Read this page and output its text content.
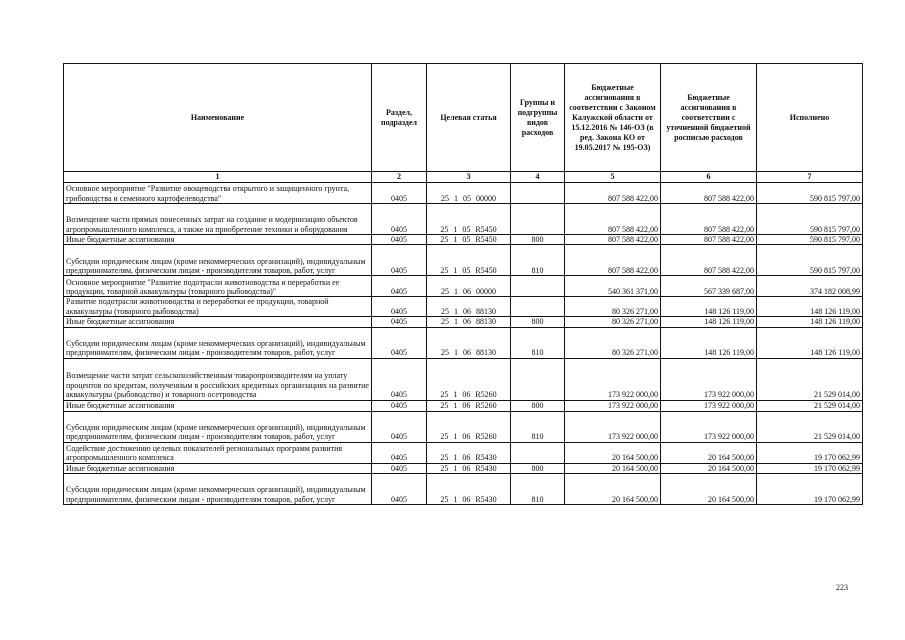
Наименование	Раздел, подраздел	Целевая статья	Группы и подгруппы видов расходов	Бюджетные ассигнования в соответствии с Законом Калужской области от 15.12.2016 № 146-ОЗ (в ред. Закона КО от 19.05.2017 № 195-ОЗ)	Бюджетные ассигнования в соответствии с уточненной бюджетной росписью расходов	Исполнено
1	2	3	4	5	6	7
Основное мероприятие "Развитие овощеводства открытого и защищенного грунта, грибоводства и семенного картофелеводства"	0405	25 1 05 00000		807 588 422,00	807 588 422,00	590 815 797,00
Возмещение части прямых понесенных затрат на создание и модернизацию объектов агропромышленного комплекса, а также на приобретение техники и оборудования	0405	25 1 05 R5450		807 588 422,00	807 588 422,00	590 815 797,00
Иные бюджетные ассигнования	0405	25 1 05 R5450	800	807 588 422,00	807 588 422,00	590 815 797,00
Субсидии юридическим лицам (кроме некоммерческих организаций), индивидуальным предпринимателям, физическим лицам - производителям товаров, работ, услуг	0405	25 1 05 R5450	810	807 588 422,00	807 588 422,00	590 815 797,00
Основное мероприятие "Развитие подотрасли животноводства и переработки ее продукции, товарной аквакультуры (товарного рыбоводства)"	0405	25 1 06 00000		540 361 371,00	567 339 687,00	374 182 008,99
Развитие подотрасли животноводства и переработки ее продукции, товарной аквакультуры (товарного рыбоводства)	0405	25 1 06 88130		80 326 271,00	148 126 119,00	148 126 119,00
Иные бюджетные ассигнования	0405	25 1 06 88130	800	80 326 271,00	148 126 119,00	148 126 119,00
Субсидии юридическим лицам (кроме некоммерческих организаций), индивидуальным предпринимателям, физическим лицам - производителям товаров, работ, услуг	0405	25 1 06 88130	810	80 326 271,00	148 126 119,00	148 126 119,00
Возмещение части затрат сельскохозяйственным товаропроизводителям на уплату процентов по кредитам, полученным в российских кредитных организациях на развитие аквакультуры (рыбоводство) и товарного осетроводства	0405	25 1 06 R5260		173 922 000,00	173 922 000,00	21 529 014,00
Иные бюджетные ассигнования	0405	25 1 06 R5260	800	173 922 000,00	173 922 000,00	21 529 014,00
Субсидии юридическим лицам (кроме некоммерческих организаций), индивидуальным предпринимателям, физическим лицам - производителям товаров, работ, услуг	0405	25 1 06 R5260	810	173 922 000,00	173 922 000,00	21 529 014,00
Содействие достижению целевых показателей региональных программ развития агропромышленного комплекса	0405	25 1 06 R5430		20 164 500,00	20 164 500,00	19 170 062,99
Иные бюджетные ассигнования	0405	25 1 06 R5430	800	20 164 500,00	20 164 500,00	19 170 062,99
Субсидии юридическим лицам (кроме некоммерческих организаций), индивидуальным предпринимателям, физическим лицам - производителям товаров, работ, услуг	0405	25 1 06 R5430	810	20 164 500,00	20 164 500,00	19 170 062,99
223
